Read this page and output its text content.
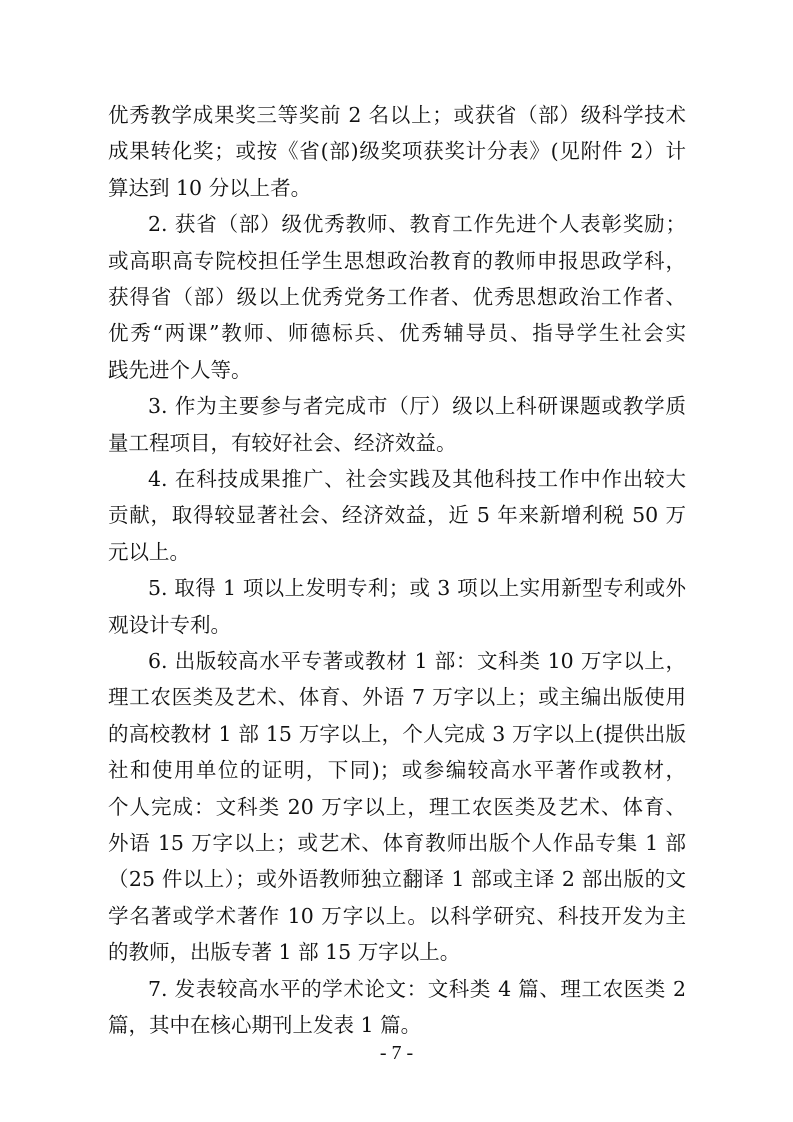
优秀教学成果奖三等奖前 2 名以上；或获省（部）级科学技术
成果转化奖；或按《省(部)级奖项获奖计分表》(见附件 2）计
算达到 10 分以上者。
2. 获省（部）级优秀教师、教育工作先进个人表彰奖励；
或高职高专院校担任学生思想政治教育的教师申报思政学科，
获得省（部）级以上优秀党务工作者、优秀思想政治工作者、
优秀“两课”教师、师德标兵、优秀辅导员、指导学生社会实
践先进个人等。
3. 作为主要参与者完成市（厅）级以上科研课题或教学质
量工程项目，有较好社会、经济效益。
4. 在科技成果推广、社会实践及其他科技工作中作出较大
贡献，取得较显著社会、经济效益，近 5 年来新增利税 50 万
元以上。
5. 取得 1 项以上发明专利；或 3 项以上实用新型专利或外
观设计专利。
6. 出版较高水平专著或教材 1 部：文科类 10 万字以上，
理工农医类及艺术、体育、外语 7 万字以上；或主编出版使用
的高校教材 1 部 15 万字以上，个人完成 3 万字以上(提供出版
社和使用单位的证明，下同)；或参编较高水平著作或教材，
个人完成：文科类 20 万字以上，理工农医类及艺术、体育、
外语 15 万字以上；或艺术、体育教师出版个人作品专集 1 部
（25 件以上）；或外语教师独立翻译 1 部或主译 2 部出版的文
学名著或学术著作 10 万字以上。以科学研究、科技开发为主
的教师，出版专著 1 部 15 万字以上。
7. 发表较高水平的学术论文：文科类 4 篇、理工农医类 2
篇，其中在核心期刊上发表 1 篇。
- 7 -
